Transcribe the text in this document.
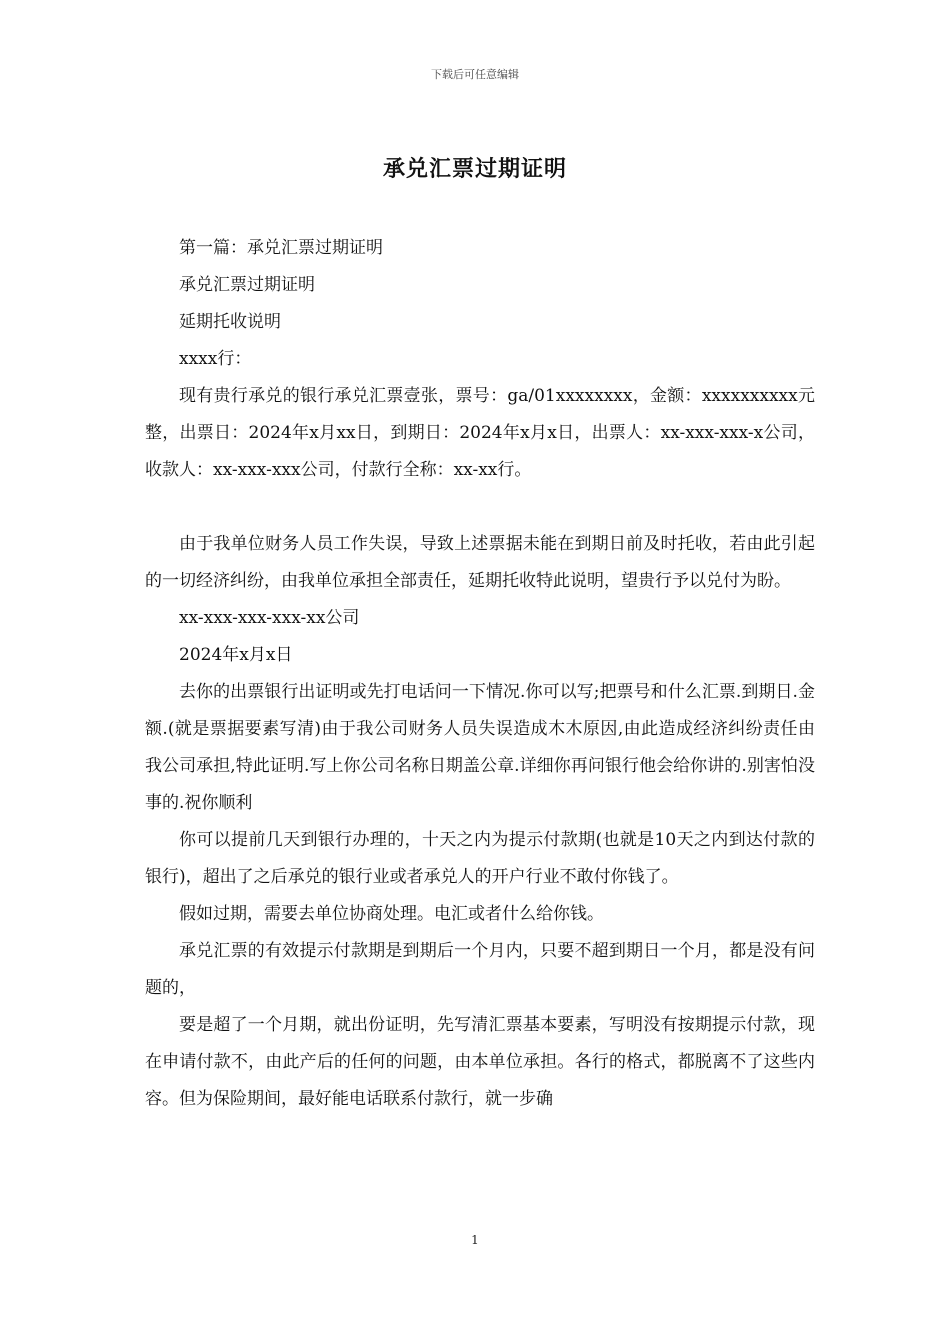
下载后可任意编辑
承兑汇票过期证明

第一篇：承兑汇票过期证明

承兑汇票过期证明

延期托收说明

xxxx行：

现有贵行承兑的银行承兑汇票壹张，票号：ga/01xxxxxxxx，金额：xxxxxxxxxx元整，出票日：2024年x月xx日，到期日：2024年x月x日，出票人：xx-xxx-xxx-x公司，收款人：xx-xxx-xxx公司，付款行全称：xx-xx行。

由于我单位财务人员工作失误，导致上述票据未能在到期日前及时托收，若由此引起的一切经济纠纷，由我单位承担全部责任，延期托收特此说明，望贵行予以兑付为盼。

xx-xxx-xxx-xxx-xx公司

2024年x月x日

去你的出票银行出证明或先打电话问一下情况.你可以写;把票号和什么汇票.到期日.金额.(就是票据要素写清)由于我公司财务人员失误造成木木原因,由此造成经济纠纷责任由我公司承担,特此证明.写上你公司名称日期盖公章.详细你再问银行他会给你讲的.别害怕没事的.祝你顺利

你可以提前几天到银行办理的，十天之内为提示付款期(也就是10天之内到达付款的银行)，超出了之后承兑的银行业或者承兑人的开户行业不敢付你钱了。

假如过期，需要去单位协商处理。电汇或者什么给你钱。

承兑汇票的有效提示付款期是到期后一个月内，只要不超到期日一个月，都是没有问题的，

要是超了一个月期，就出份证明，先写清汇票基本要素，写明没有按期提示付款，现在申请付款不，由此产后的任何的问题，由本单位承担。各行的格式，都脱离不了这些内容。但为保险期间，最好能电话联系付款行，就一步确

1
